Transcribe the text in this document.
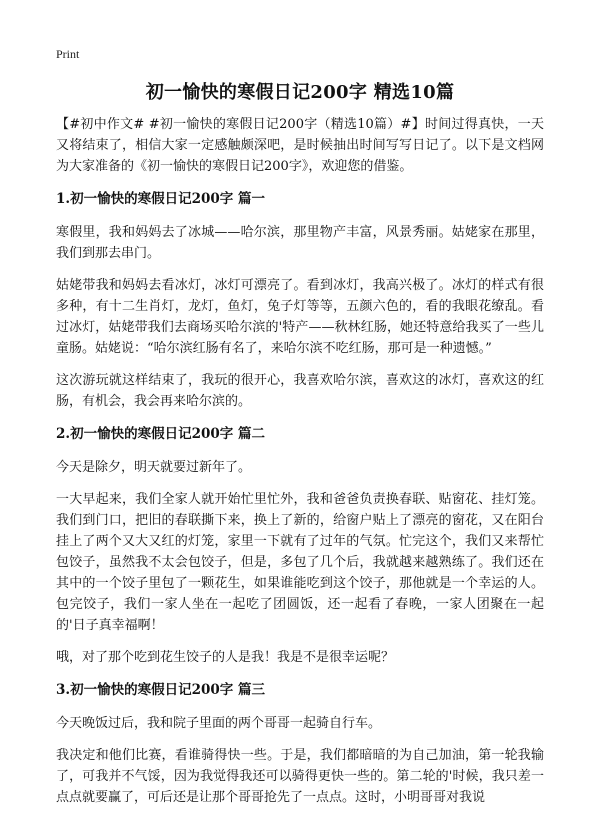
Print
初一愉快的寒假日记200字 精选10篇

【#初中作文# #初一愉快的寒假日记200字（精选10篇）#】时间过得真快，一天又将结束了，相信大家一定感触颇深吧，是时候抽出时间写写日记了。以下是文档网为大家准备的《初一愉快的寒假日记200字》，欢迎您的借鉴。

1.初一愉快的寒假日记200字 篇一

寒假里，我和妈妈去了冰城——哈尔滨，那里物产丰富，风景秀丽。姑姥家在那里，我们到那去串门。

姑姥带我和妈妈去看冰灯，冰灯可漂亮了。看到冰灯，我高兴极了。冰灯的样式有很多种，有十二生肖灯，龙灯，鱼灯，兔子灯等等，五颜六色的，看的我眼花缭乱。看过冰灯，姑姥带我们去商场买哈尔滨的'特产——秋林红肠，她还特意给我买了一些儿童肠。姑姥说：“哈尔滨红肠有名了，来哈尔滨不吃红肠，那可是一种遗憾。”

这次游玩就这样结束了，我玩的很开心，我喜欢哈尔滨，喜欢这的冰灯，喜欢这的红肠，有机会，我会再来哈尔滨的。

2.初一愉快的寒假日记200字 篇二

今天是除夕，明天就要过新年了。

一大早起来，我们全家人就开始忙里忙外，我和爸爸负责换春联、贴窗花、挂灯笼。我们到门口，把旧的春联撕下来，换上了新的，给窗户贴上了漂亮的窗花，又在阳台挂上了两个又大又红的灯笼，家里一下就有了过年的气氛。忙完这个，我们又来帮忙包饺子，虽然我不太会包饺子，但是，多包了几个后，我就越来越熟练了。我们还在其中的一个饺子里包了一颗花生，如果谁能吃到这个饺子，那他就是一个幸运的人。包完饺子，我们一家人坐在一起吃了团圆饭，还一起看了春晚，一家人团聚在一起的'日子真幸福啊！

哦，对了那个吃到花生饺子的人是我！我是不是很幸运呢？

3.初一愉快的寒假日记200字 篇三

今天晚饭过后，我和院子里面的两个哥哥一起骑自行车。

我决定和他们比赛，看谁骑得快一些。于是，我们都暗暗的为自己加油，第一轮我输了，可我并不气馁，因为我觉得我还可以骑得更快一些的。第二轮的'时候，我只差一点点就要赢了，可后还是让那个哥哥抢先了一点点。这时，小明哥哥对我说
